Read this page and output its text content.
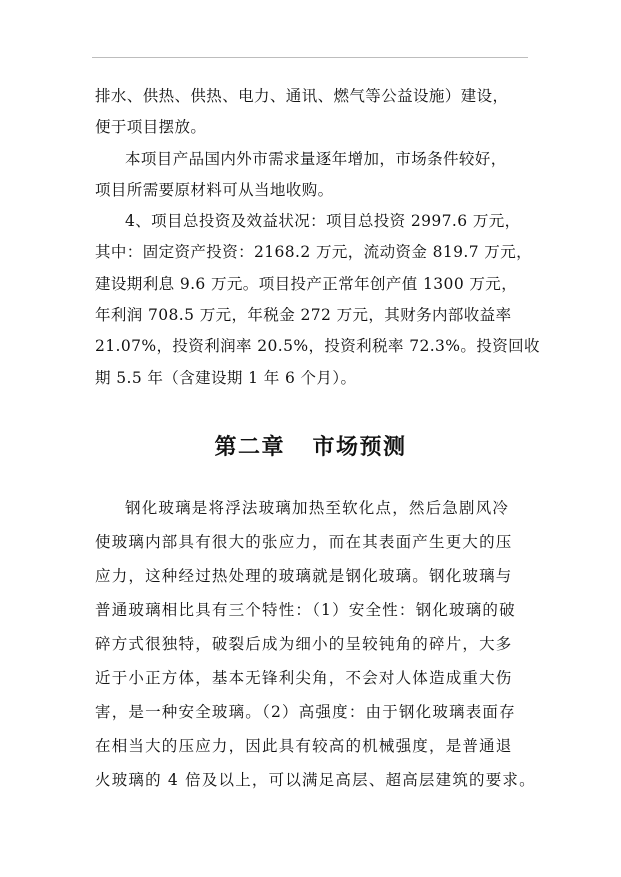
排水、供热、供热、电力、通讯、燃气等公益设施）建设，
便于项目摆放。
本项目产品国内外市需求量逐年增加，市场条件较好，
项目所需要原材料可从当地收购。
4、项目总投资及效益状况：项目总投资 2997.6 万元，
其中：固定资产投资：2168.2 万元，流动资金 819.7 万元，
建设期利息 9.6 万元。项目投产正常年创产值 1300 万元，
年利润 708.5 万元，年税金 272 万元，其财务内部收益率
21.07%，投资利润率 20.5%，投资利税率 72.3%。投资回收
期 5.5 年（含建设期 1 年 6 个月）。
第二章   市场预测
钢化玻璃是将浮法玻璃加热至软化点，然后急剧风冷
使玻璃内部具有很大的张应力，而在其表面产生更大的压
应力，这种经过热处理的玻璃就是钢化玻璃。钢化玻璃与
普通玻璃相比具有三个特性：（1）安全性：钢化玻璃的破
碎方式很独特，破裂后成为细小的呈较钝角的碎片，大多
近于小正方体，基本无锋利尖角，不会对人体造成重大伤
害，是一种安全玻璃。（2）高强度：由于钢化玻璃表面存
在相当大的压应力，因此具有较高的机械强度，是普通退
火玻璃的 4 倍及以上，可以满足高层、超高层建筑的要求。
